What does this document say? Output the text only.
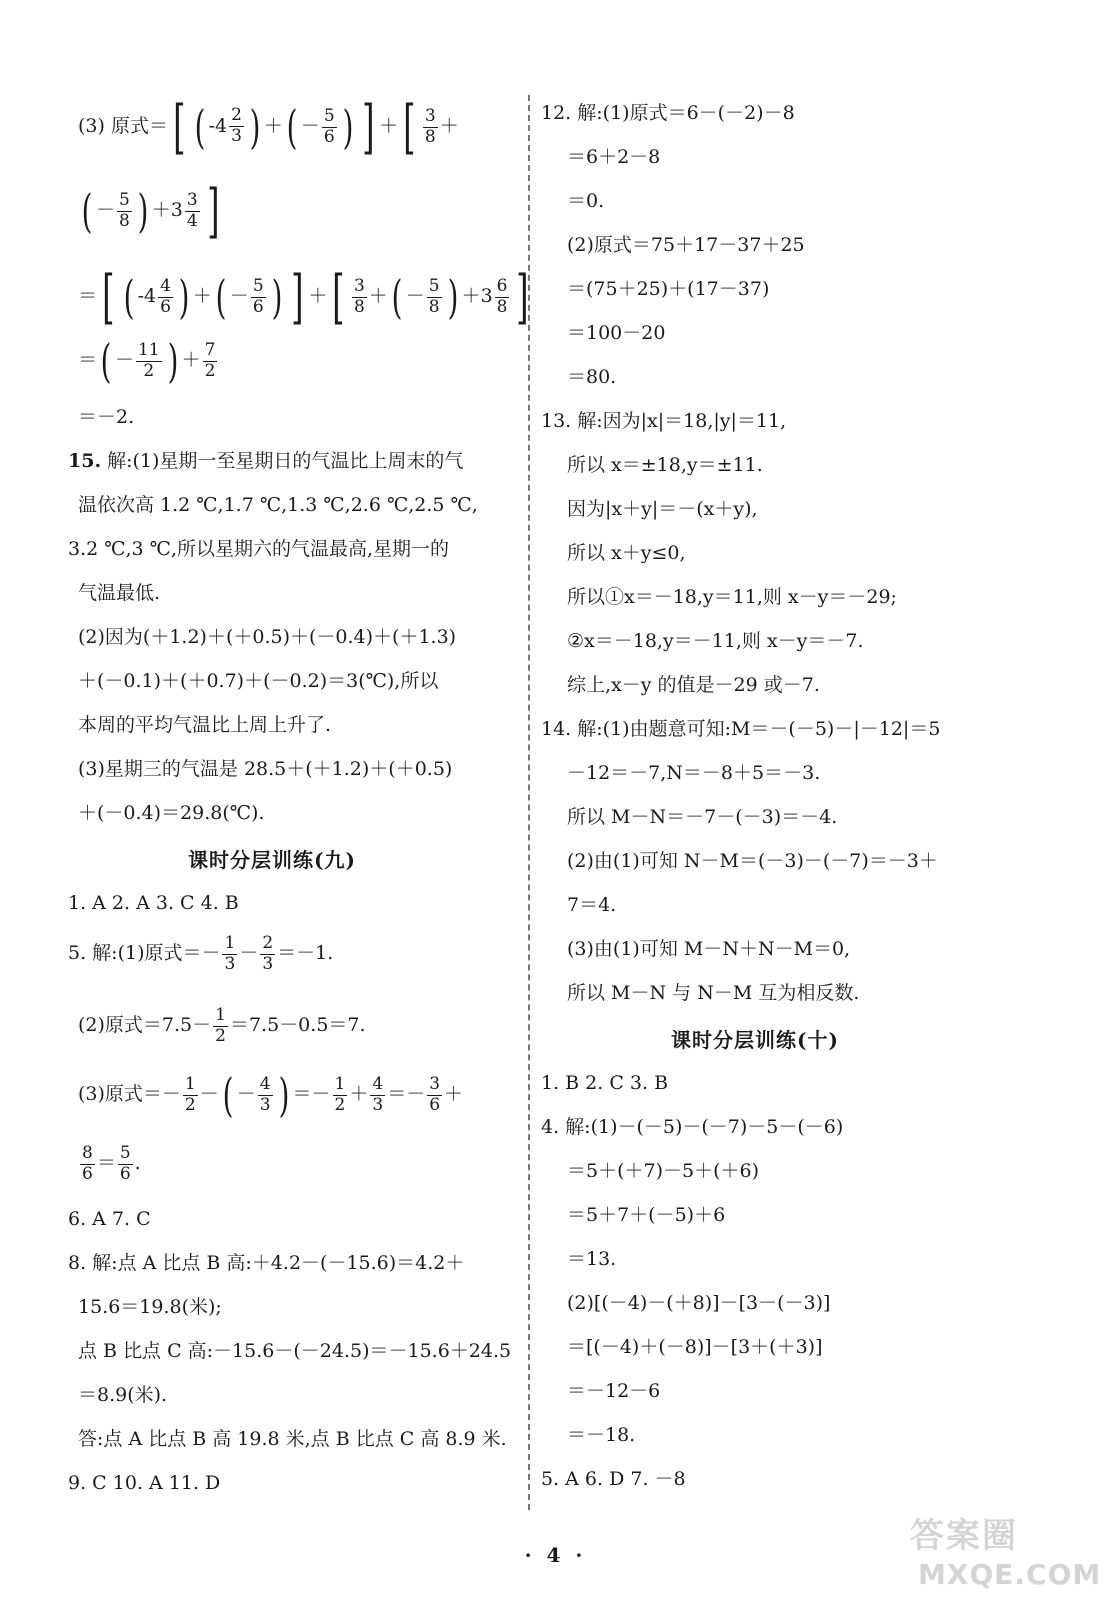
(3) 原式＝[ ( $-4 \frac{2}{3}$ ) ＋( － $\frac{5}{6}$ ) ] ＋[ $\frac{3}{8}$ ＋
( － $\frac{5}{8}$ ) $+3 \frac{3}{4}$ ]
＝[ ( $-4 \frac{4}{6}$ ) ＋( － $\frac{5}{6}$ ) ] ＋[ $\frac{3}{8}$ ＋( － $\frac{5}{8}$ ) $+3 \frac{6}{8}$ ]
＝( － $\frac{11}{2}$ ) ＋ $\frac{7}{2}$
＝－2.
15. 解:(1)星期一至星期日的气温比上周末的气
温依次高 1.2 ℃,1.7 ℃,1.3 ℃,2.6 ℃,2.5 ℃,
3.2 ℃,3 ℃,所以星期六的气温最高,星期一的
气温最低.
(2)因为(＋1.2)＋(＋0.5)＋(－0.4)＋(＋1.3)
＋(－0.1)＋(＋0.7)＋(－0.2)＝3(℃),所以
本周的平均气温比上周上升了.
(3)星期三的气温是 28.5＋(＋1.2)＋(＋0.5)
＋(－0.4)＝29.8(℃).
课时分层训练(九)
1. A 2. A 3. C 4. B
5. 解:(1)原式＝－ $\frac{1}{3} - \frac{2}{3} =-1$.
(2)原式$=7.5- \frac{1}{2} =7.5-0.5=7$.
(3)原式＝－ $\frac{1}{2}$ －( － $\frac{4}{3}$ ) ＝－ $\frac{1}{2} + \frac{4}{3} =- \frac{3}{6}$ ＋
$\frac{8}{6} = \frac{5}{6}$ .
6. A 7. C
8. 解:点 A 比点 B 高:＋4.2－(－15.6)＝4.2＋
15.6＝19.8(米);
点 B 比点 C 高:－15.6－(－24.5)＝－15.6＋24.5
＝8.9(米).
答:点 A 比点 B 高 19.8 米,点 B 比点 C 高 8.9 米.
9. C 10. A 11. D
12. 解:(1)原式＝6－(－2)－8
＝6＋2－8
＝0.
(2)原式＝75＋17－37＋25
＝(75＋25)＋(17－37)
＝100－20
＝80.
13. 解:因为|x|＝18,|y|＝11,
所以 x＝±18,y＝±11.
因为|x＋y|＝－(x＋y),
所以 x＋y≤0,
所以①x＝－18,y＝11,则 x－y＝－29;
②x＝－18,y＝－11,则 x－y＝－7.
综上,x－y 的值是－29 或－7.
14. 解:(1)由题意可知:M＝－(－5)－|－12|＝5
－12＝－7,N＝－8＋5＝－3.
所以 M－N＝－7－(－3)＝－4.
(2)由(1)可知 N－M＝(－3)－(－7)＝－3＋
7＝4.
(3)由(1)可知 M－N＋N－M＝0,
所以 M－N 与 N－M 互为相反数.
课时分层训练(十)
1. B 2. C 3. B
4. 解:(1)－(－5)－(－7)－5－(－6)
＝5＋(＋7)－5＋(＋6)
＝5＋7＋(－5)＋6
＝13.
(2)[(－4)－(＋8)]－[3－(－3)]
＝[(－4)＋(－8)]－[3＋(＋3)]
＝－12－6
＝－18.
5. A 6. D 7. －8
· 4 ·	答案圈
MXQE.COM
